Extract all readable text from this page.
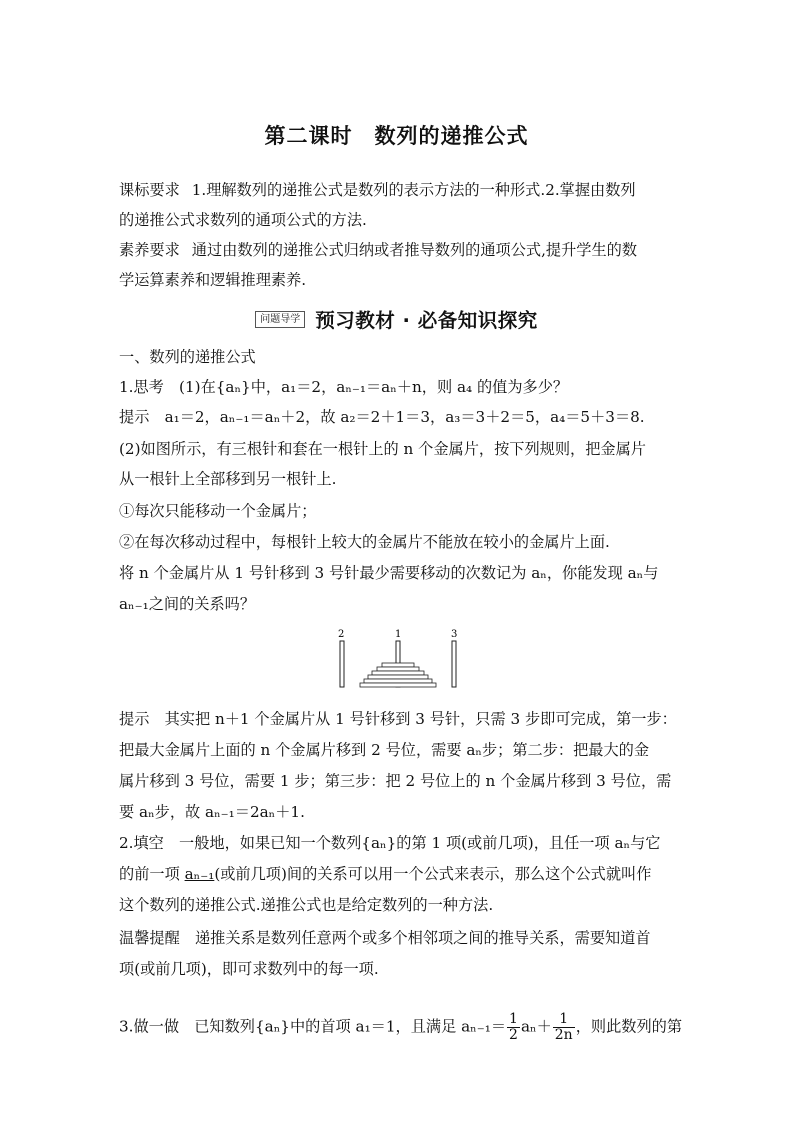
第二课时 数列的递推公式
课标要求 1.理解数列的递推公式是数列的表示方法的一种形式.2.掌握由数列
的递推公式求数列的通项公式的方法.
素养要求 通过由数列的递推公式归纳或者推导数列的通项公式,提升学生的数
学运算素养和逻辑推理素养.
问题导学 预习教材 · 必备知识探究
一、数列的递推公式
1.思考　(1)在{aₙ}中，a₁＝2，aₙ₋₁＝aₙ＋n，则 a₄ 的值为多少？
提示　a₁＝2，aₙ₋₁＝aₙ＋2，故 a₂＝2＋1＝3，a₃＝3＋2＝5，a₄＝5＋3＝8.
(2)如图所示，有三根针和套在一根针上的 n 个金属片，按下列规则，把金属片
从一根针上全部移到另一根针上.
①每次只能移动一个金属片；
②在每次移动过程中，每根针上较大的金属片不能放在较小的金属片上面.
将 n 个金属片从 1 号针移到 3 号针最少需要移动的次数记为 aₙ，你能发现 aₙ与
aₙ₋₁之间的关系吗？
2	1	3
提示　其实把 n＋1 个金属片从 1 号针移到 3 号针，只需 3 步即可完成，第一步：
把最大金属片上面的 n 个金属片移到 2 号位，需要 aₙ步；第二步：把最大的金
属片移到 3 号位，需要 1 步；第三步：把 2 号位上的 n 个金属片移到 3 号位，需
要 aₙ步，故 aₙ₋₁＝2aₙ＋1.
2.填空　一般地，如果已知一个数列{aₙ}的第 1 项(或前几项)，且任一项 aₙ与它
的前一项 aₙ₋₁(或前几项)间的关系可以用一个公式来表示，那么这个公式就叫作
这个数列的递推公式.递推公式也是给定数列的一种方法.
温馨提醒　递推关系是数列任意两个或多个相邻项之间的推导关系，需要知道首
项(或前几项)，即可求数列中的每一项.
3.做一做　已知数列{aₙ}中的首项 a₁＝1，且满足 $a_{n-1}= \frac{1}{2} a_n+ \frac{1}{2n}$ ，则此数列的第
